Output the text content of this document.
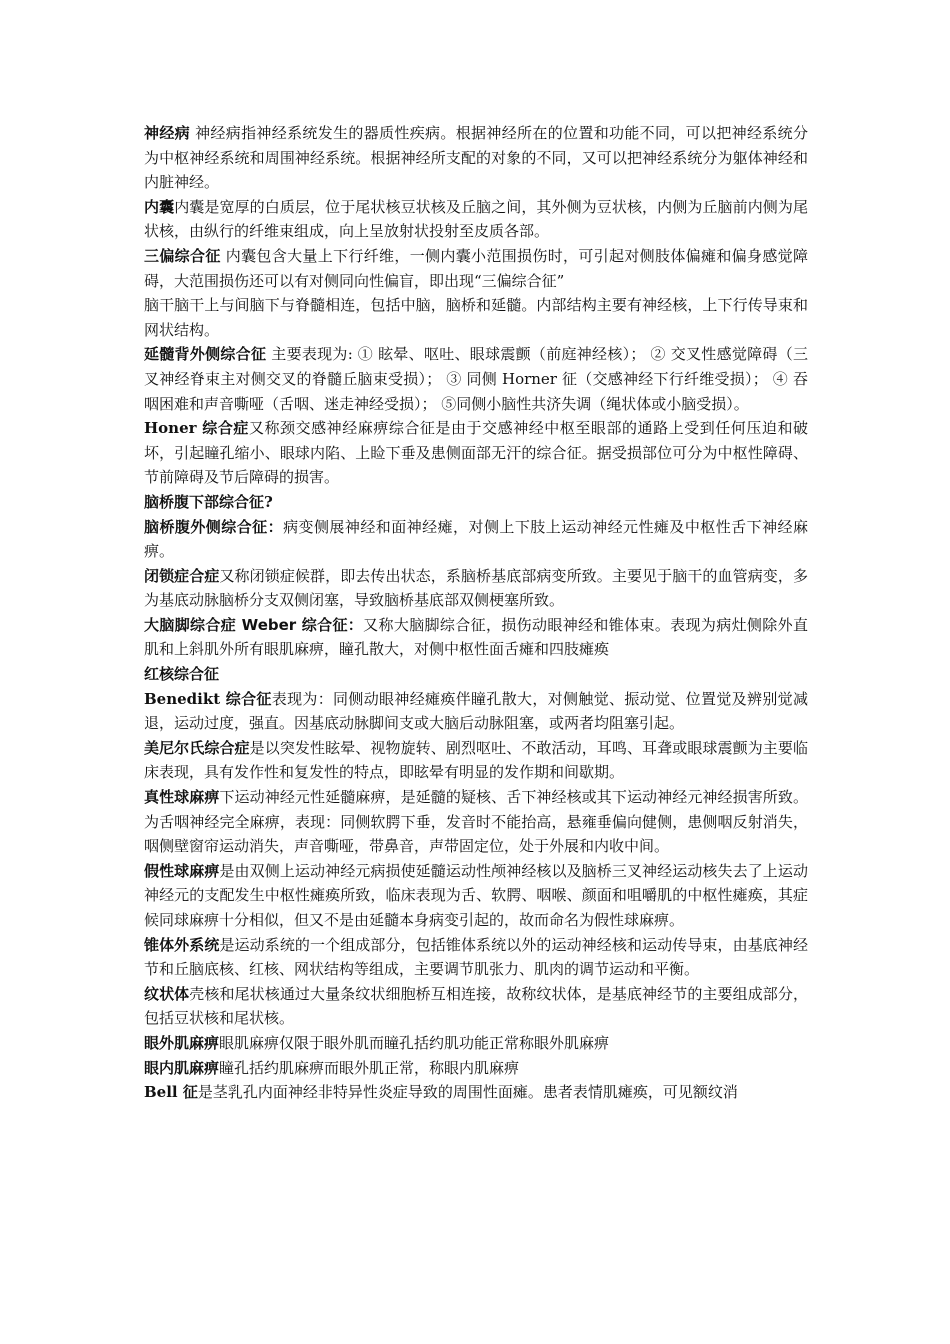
神经病 神经病指神经系统发生的器质性疾病。根据神经所在的位置和功能不同，可以把神经系统分为中枢神经系统和周围神经系统。根据神经所支配的对象的不同，又可以把神经系统分为躯体神经和内脏神经。

内囊内囊是宽厚的白质层，位于尾状核豆状核及丘脑之间，其外侧为豆状核，内侧为丘脑前内侧为尾状核，由纵行的纤维束组成，向上呈放射状投射至皮质各部。

三偏综合征 内囊包含大量上下行纤维，一侧内囊小范围损伤时，可引起对侧肢体偏瘫和偏身感觉障碍，大范围损伤还可以有对侧同向性偏盲，即出现“三偏综合征”

脑干脑干上与间脑下与脊髓相连，包括中脑，脑桥和延髓。内部结构主要有神经核，上下行传导束和网状结构。

延髓背外侧综合征 主要表现为: ① 眩晕、呕吐、眼球震颤（前庭神经核）； ② 交叉性感觉障碍（三叉神经脊束主对侧交叉的脊髓丘脑束受损）； ③ 同侧 Horner 征（交感神经下行纤维受损）； ④ 吞咽困难和声音嘶哑（舌咽、迷走神经受损）； ⑤同侧小脑性共济失调（绳状体或小脑受损）。

Honer 综合症又称颈交感神经麻痹综合征是由于交感神经中枢至眼部的通路上受到任何压迫和破坏，引起瞳孔缩小、眼球内陷、上睑下垂及患侧面部无汗的综合征。据受损部位可分为中枢性障碍、节前障碍及节后障碍的损害。

脑桥腹下部综合征?

脑桥腹外侧综合征：病变侧展神经和面神经瘫，对侧上下肢上运动神经元性瘫及中枢性舌下神经麻痹。

闭锁症合症又称闭锁症候群，即去传出状态，系脑桥基底部病变所致。主要见于脑干的血管病变，多为基底动脉脑桥分支双侧闭塞，导致脑桥基底部双侧梗塞所致。

大脑脚综合症 Weber 综合征：又称大脑脚综合征，损伤动眼神经和锥体束。表现为病灶侧除外直肌和上斜肌外所有眼肌麻痹，瞳孔散大，对侧中枢性面舌瘫和四肢瘫痪

红核综合征

Benedikt 综合征表现为：同侧动眼神经瘫痪伴瞳孔散大，对侧触觉、振动觉、位置觉及辨别觉减退，运动过度，强直。因基底动脉脚间支或大脑后动脉阻塞，或两者均阻塞引起。

美尼尔氏综合症是以突发性眩晕、视物旋转、剧烈呕吐、不敢活动，耳鸣、耳聋或眼球震颤为主要临床表现，具有发作性和复发性的特点，即眩晕有明显的发作期和间歇期。

真性球麻痹下运动神经元性延髓麻痹，是延髓的疑核、舌下神经核或其下运动神经元神经损害所致。为舌咽神经完全麻痹，表现：同侧软腭下垂，发音时不能抬高，悬雍垂偏向健侧，患侧咽反射消失，咽侧壁窗帘运动消失，声音嘶哑，带鼻音，声带固定位，处于外展和内收中间。

假性球麻痹是由双侧上运动神经元病损使延髓运动性颅神经核以及脑桥三叉神经运动核失去了上运动神经元的支配发生中枢性瘫痪所致，临床表现为舌、软腭、咽喉、颜面和咀嚼肌的中枢性瘫痪，其症候同球麻痹十分相似，但又不是由延髓本身病变引起的，故而命名为假性球麻痹。

锥体外系统是运动系统的一个组成部分，包括锥体系统以外的运动神经核和运动传导束，由基底神经节和丘脑底核、红核、网状结构等组成，主要调节肌张力、肌肉的调节运动和平衡。

纹状体壳核和尾状核通过大量条纹状细胞桥互相连接，故称纹状体，是基底神经节的主要组成部分，包括豆状核和尾状核。

眼外肌麻痹眼肌麻痹仅限于眼外肌而瞳孔括约肌功能正常称眼外肌麻痹

眼内肌麻痹瞳孔括约肌麻痹而眼外肌正常，称眼内肌麻痹

Bell 征是茎乳孔内面神经非特异性炎症导致的周围性面瘫。患者表情肌瘫痪，可见额纹消
